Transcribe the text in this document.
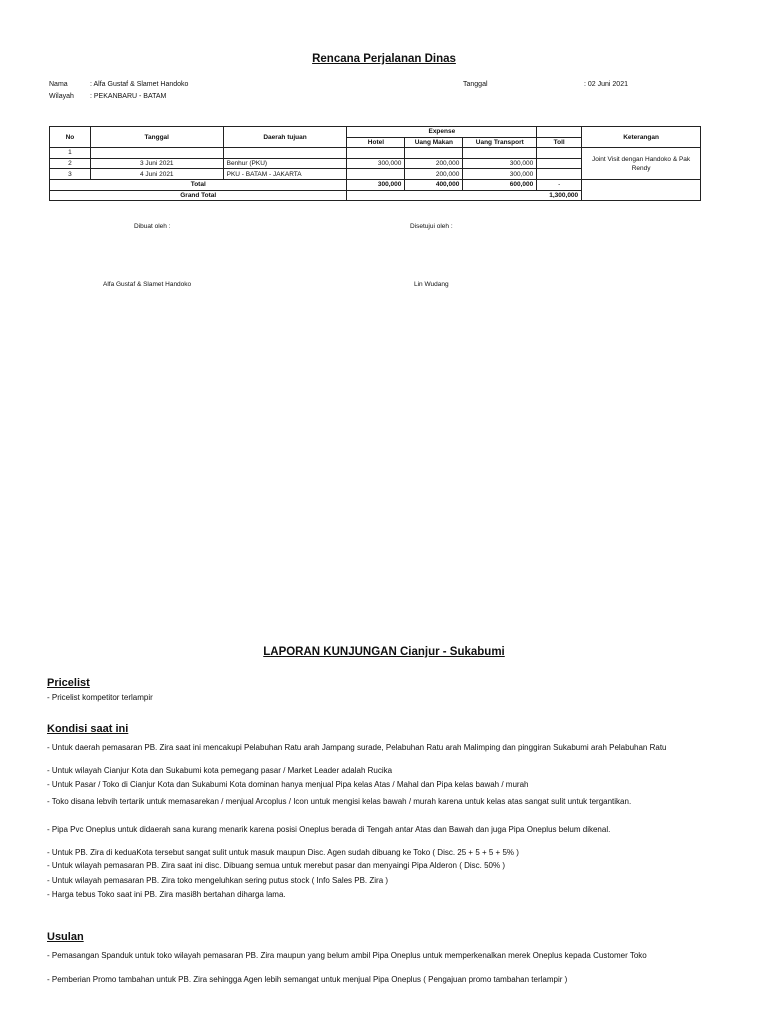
Rencana Perjalanan Dinas
Nama	: Alfa Gustaf & Slamet Handoko
Wilayah : PEKANBARU - BATAM
Tanggal	: 02 Juni 2021
No	Tanggal	Daerah tujuan	Expense				Keterangan
			Hotel	Uang Makan	Uang Transport	Toll	
1							Joint Visit dengan Handoko & Pak Rendy
2	3 Juni 2021	Benhur (PKU)	300,000	200,000	300,000		
3	4 Juni 2021	PKU - BATAM - JAKARTA		200,000	300,000		
Total			300,000	400,000	600,000	-	
Grand Total			1,300,000				
Dibuat oleh :	Disetujui oleh :
Alfa Gustaf & Slamet Handoko	Lin Wudang
LAPORAN KUNJUNGAN Cianjur - Sukabumi
Pricelist
- Pricelist kompetitor terlampir
Kondisi saat ini
- Untuk daerah pemasaran PB. Zira saat ini mencakupi Pelabuhan Ratu arah Jampang surade, Pelabuhan Ratu arah Malimping dan pinggiran Sukabumi arah Pelabuhan Ratu
- Untuk wilayah Cianjur Kota dan Sukabumi kota pemegang pasar / Market Leader adalah Rucika
- Untuk Pasar / Toko di Cianjur Kota dan Sukabumi Kota dominan hanya menjual Pipa kelas Atas / Mahal dan Pipa kelas bawah / murah
- Toko disana lebvih tertarik untuk memasarekan / menjual Arcoplus / Icon untuk mengisi kelas bawah / murah karena untuk kelas atas sangat sulit untuk tergantikan.
- Pipa Pvc Oneplus untuk didaerah sana kurang menarik karena posisi Oneplus berada di Tengah antar Atas dan Bawah dan juga Pipa Oneplus belum dikenal.
- Untuk PB. Zira di keduaKota tersebut sangat sulit untuk masuk maupun Disc. Agen sudah dibuang ke Toko ( Disc. 25 + 5 + 5 + 5% )
- Untuk wilayah pemasaran PB. Zira saat ini disc. Dibuang semua untuk merebut pasar dan menyaingi Pipa Alderon ( Disc. 50% )
- Untuk wilayah pemasaran PB. Zira toko mengeluhkan sering putus stock ( Info Sales PB. Zira )
- Harga tebus Toko saat ini PB. Zira masi8h bertahan diharga lama.
Usulan
- Pemasangan Spanduk untuk toko wilayah pemasaran PB. Zira maupun yang belum ambil Pipa Oneplus untuk memperkenalkan merek Oneplus kepada Customer Toko
- Pemberian Promo tambahan untuk PB. Zira sehingga Agen lebih semangat untuk menjual Pipa Oneplus ( Pengajuan promo tambahan terlampir )
